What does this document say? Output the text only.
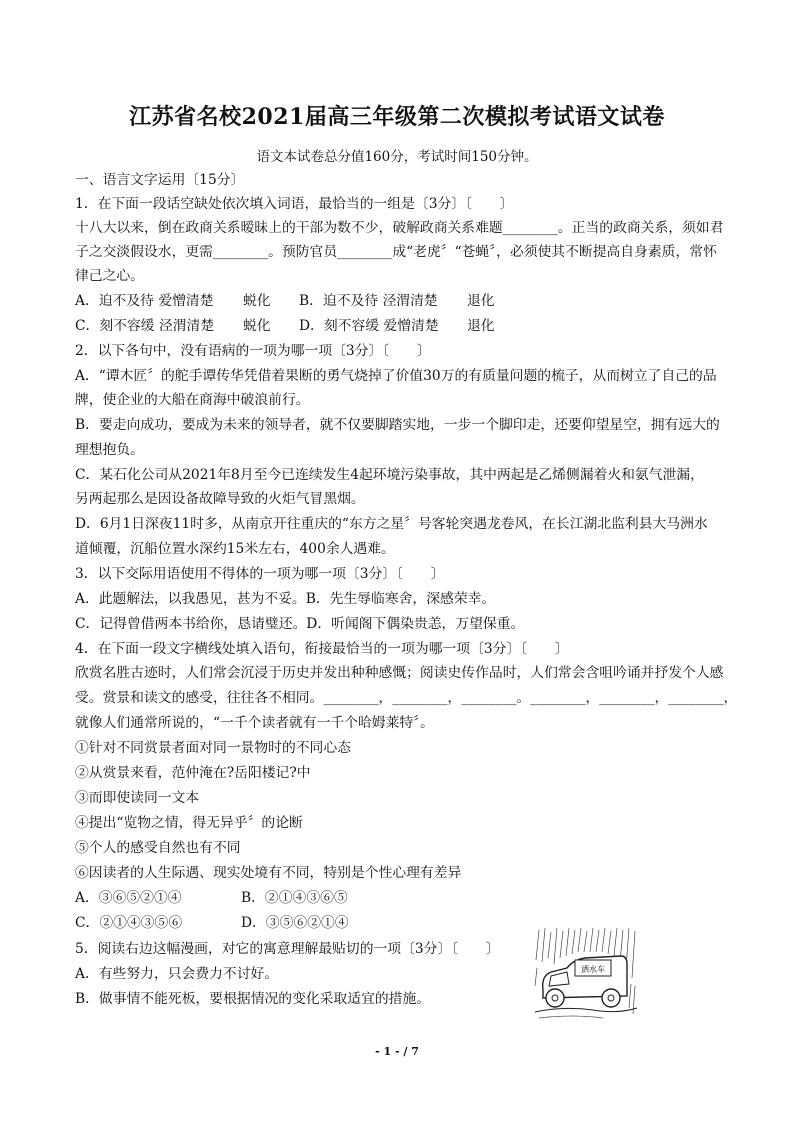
江苏省名校2021届高三年级第二次模拟考试语文试卷
语文本试卷总分值160分，考试时间150分钟。
一、语言文字运用〔15分〕
1．在下面一段话空缺处依次填入词语，最恰当的一组是〔3分〕〔　　〕
十八大以来，倒在政商关系暧昧上的干部为数不少，破解政商关系难题________。正当的政商关系，须如君
子之交淡假设水，更需________。预防官员________成“老虎〞“苍蝇〞，必须使其不断提高自身素质，常怀
律己之心。
A．迫不及待 爱憎清楚 蜕化 B．迫不及待 泾渭清楚 退化
C．刻不容缓 泾渭清楚 蜕化 D．刻不容缓 爱憎清楚 退化
2．以下各句中，没有语病的一项为哪一项〔3分〕〔　　〕
A．“谭木匠〞的舵手谭传华凭借着果断的勇气烧掉了价值30万的有质量问题的梳子，从而树立了自己的品
牌，使企业的大船在商海中破浪前行。
B．要走向成功，要成为未来的领导者，就不仅要脚踏实地，一步一个脚印走，还要仰望星空，拥有远大的
理想抱负。
C．某石化公司从2021年8月至今已连续发生4起环境污染事故，其中两起是乙烯侧漏着火和氨气泄漏，
另两起那么是因设备故障导致的火炬气冒黑烟。
D．6月1日深夜11时多，从南京开往重庆的“东方之星〞号客轮突遇龙卷风，在长江湖北监利县大马洲水
道倾覆，沉船位置水深约15米左右，400余人遇难。
3．以下交际用语使用不得体的一项为哪一项〔3分〕〔　　〕
A．此题解法，以我愚见，甚为不妥。B．先生辱临寒舍，深感荣幸。
C．记得曾借两本书给你，恳请璧还。D．听闻阁下偶染贵恙，万望保重。
4．在下面一段文字横线处填入语句，衔接最恰当的一项为哪一项〔3分〕〔　　〕
欣赏名胜古迹时，人们常会沉浸于历史并发出种种感慨；阅读史传作品时，人们常会含咀吟诵并抒发个人感
受。赏景和读文的感受，往往各不相同。________，________，________。________，________，________，
就像人们通常所说的，“一千个读者就有一千个哈姆莱特〞。
①针对不同赏景者面对同一景物时的不同心态
②从赏景来看，范仲淹在?岳阳楼记?中
③而即使读同一文本
④提出“览物之情，得无异乎〞的论断
⑤个人的感受自然也有不同
⑥因读者的人生际遇、现实处境有不同，特别是个性心理有差异
A．③⑥⑤②①④	B．②①④③⑥⑤
C．②①④③⑤⑥	D．③⑤⑥②①④
5．阅读右边这幅漫画，对它的寓意理解最贴切的一项〔3分〕〔　　〕
A．有些努力，只会费力不讨好。
B．做事情不能死板，要根据情况的变化采取适宜的措施。
洒水车
- 1 - / 7
